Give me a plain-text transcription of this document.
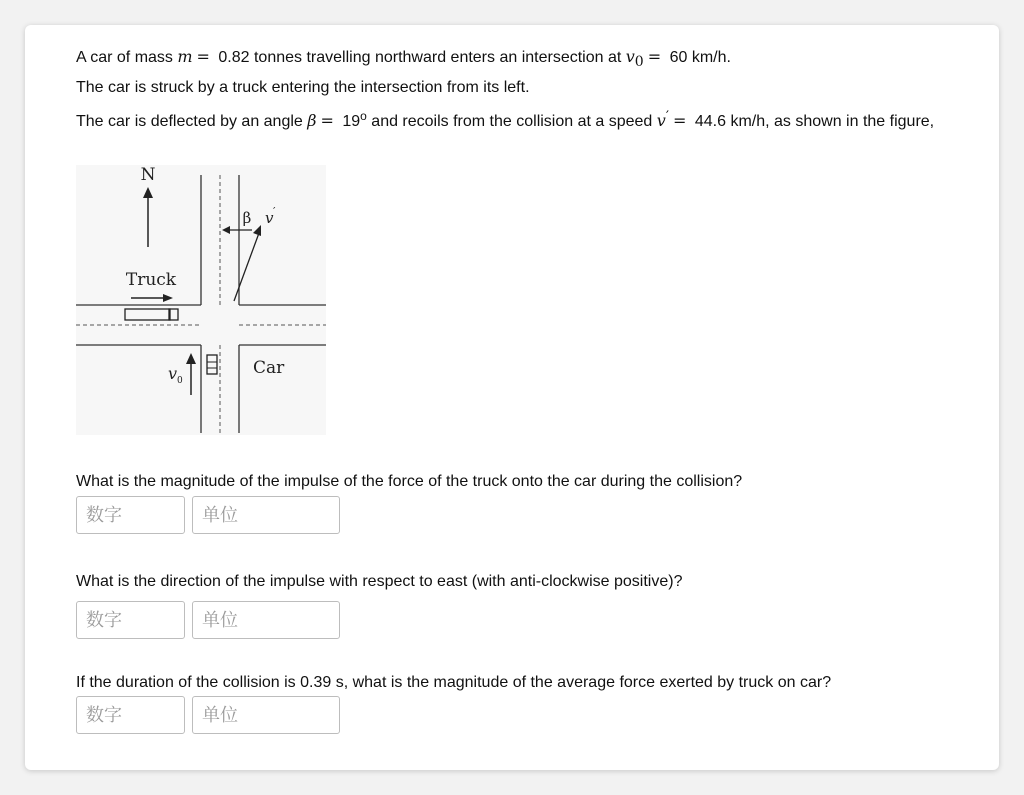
A car of mass m = 0.82 tonnes travelling northward enters an intersection at v0 = 60 km/h.
The car is struck by a truck entering the intersection from its left.
The car is deflected by an angle $\beta = 19^o$ and recoils from the collision at a speed v′ = 44.6 km/h, as shown in the figure,
N
Truck
Car
v 0
β v ′
What is the magnitude of the impulse of the force of the truck onto the car during the collision?
数字
单位
What is the direction of the impulse with respect to east (with anti-clockwise positive)?
数字
单位
If the duration of the collision is 0.39 s, what is the magnitude of the average force exerted by truck on car?
数字
单位
